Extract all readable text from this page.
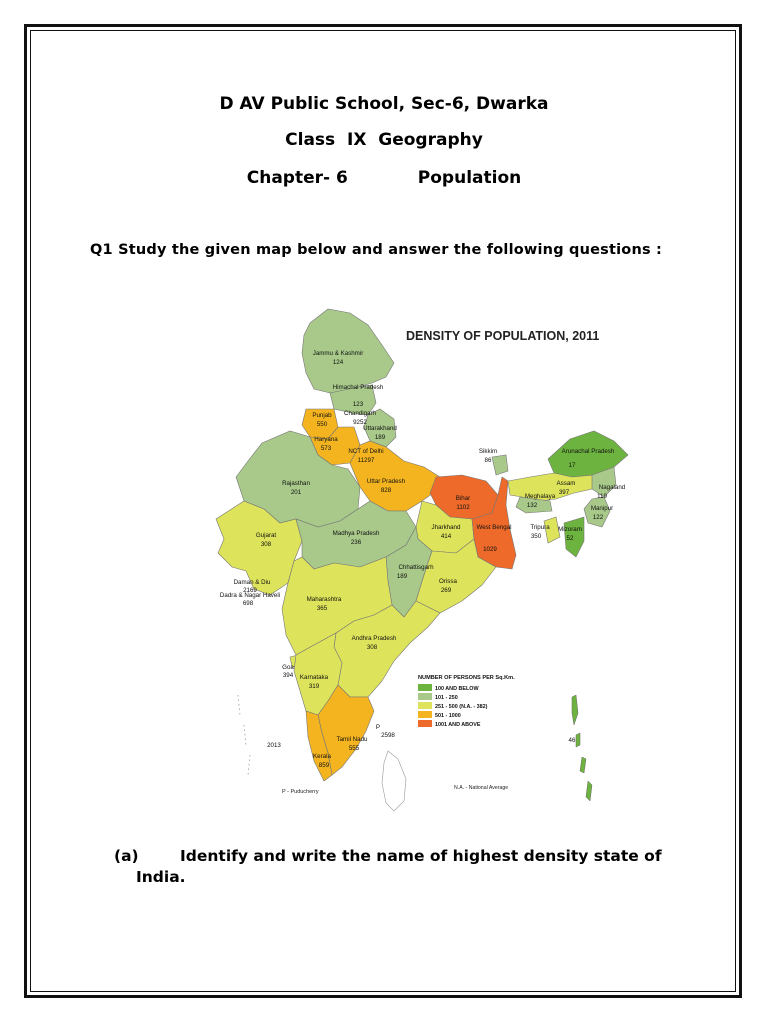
D AV Public School, Sec-6, Dwarka
Class  IX  Geography
Chapter- 6	Population
Q1 Study the given map below and answer the following questions :
DENSITY OF POPULATION, 2011
Jammu & Kashmir
124
Himachal Pradesh
123
Punjab
550
Chandigarh
9252
Uttarakhand
189
Haryana
573	NCT of Delhi
11297
Rajasthan
201
Uttar Pradesh
828
Bihar
1102
Sikkim
86
Arunachal Pradesh
17
Assam
397
Nagaland
119
Meghalaya
132	Manipur
122
Tripura
350
Mizoram
52
Jharkhand
414
West Bengal
1029
Gujarat
308
Madhya Pradesh
236
Chhattisgarh
189
Orissa
269
Daman & Diu
2169
Dadra & Nagar Haveli
698
Maharashtra
365
Andhra Pradesh
308
Goa
394 Karnataka
319
Tamil Nadu
555
Kerala
859
P
2598
46
2013
P - Puducherry
N.A. - National Average
NUMBER OF PERSONS PER Sq.Km.
100 AND BELOW
101 - 250
251 - 500 (N.A. - 382)
501 - 1000
1001 AND ABOVE
(a)	Identify and write the name of highest density state of
India.
